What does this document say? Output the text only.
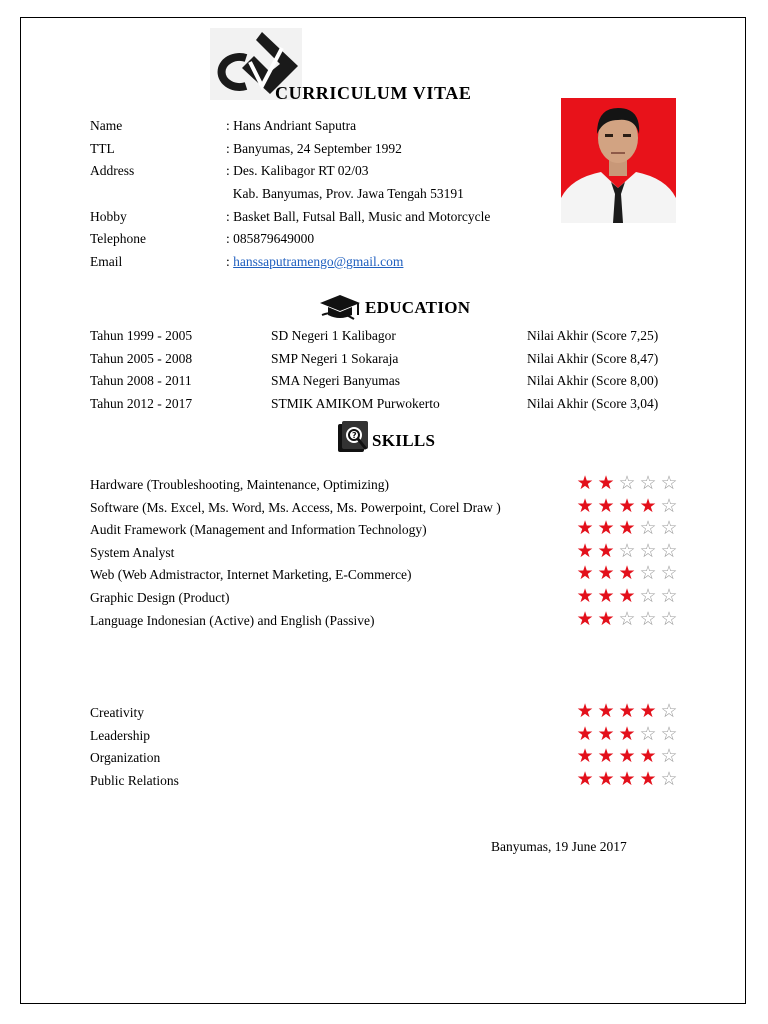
CURRICULUM VITAE
Name	: Hans Andriant Saputra
TTL	: Banyumas, 24 September 1992
Address	: Des. Kalibagor RT 02/03
Kab. Banyumas, Prov. Jawa Tengah 53191
Hobby	: Basket Ball, Futsal Ball, Music and Motorcycle
Telephone	: 085879649000
Email	: hanssaputramengo@gmail.com
EDUCATION
Tahun 1999 - 2005	SD Negeri 1 Kalibagor	Nilai Akhir (Score 7,25)
Tahun 2005 - 2008	SMP Negeri 1 Sokaraja	Nilai Akhir (Score 8,47)
Tahun 2008 - 2011	SMA Negeri Banyumas	Nilai Akhir (Score 8,00)
Tahun 2012 - 2017	STMIK AMIKOM Purwokerto	Nilai Akhir (Score 3,04)
? SKILLS
Hardware (Troubleshooting, Maintenance, Optimizing)	★ ★ ☆ ☆ ☆
Software (Ms. Excel, Ms. Word, Ms. Access, Ms. Powerpoint, Corel Draw )	★ ★ ★ ★ ☆
Audit Framework (Management and Information Technology)	★ ★ ★ ☆ ☆
System Analyst	★ ★ ☆ ☆ ☆
Web (Web Admistractor, Internet Marketing, E-Commerce)	★ ★ ★ ☆ ☆
Graphic Design (Product)	★ ★ ★ ☆ ☆
Language Indonesian (Active) and English (Passive)	★ ★ ☆ ☆ ☆
Creativity	★ ★ ★ ★ ☆
Leadership	★ ★ ★ ☆ ☆
Organization	★ ★ ★ ★ ☆
Public Relations	★ ★ ★ ★ ☆
Banyumas, 19 June 2017
